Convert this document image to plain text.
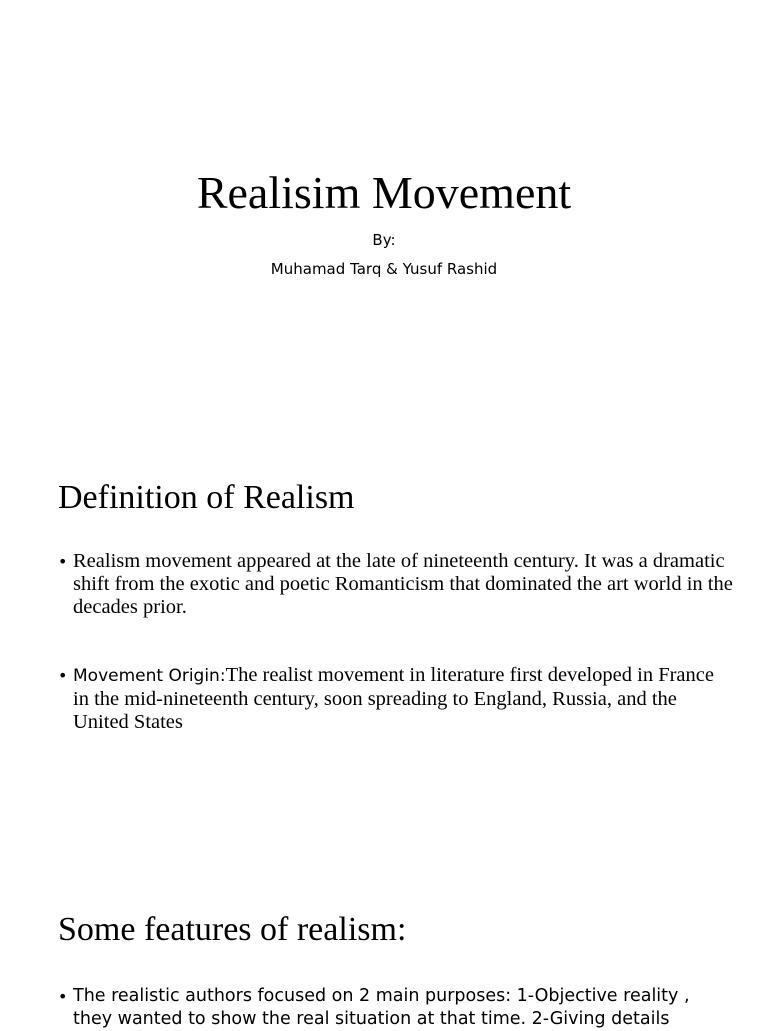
Realisim Movement

By:

Muhamad Tarq & Yusuf Rashid

Definition of Realism
• Realism movement appeared at the late of nineteenth century. It was a dramatic shift from the exotic and poetic Romanticism that dominated the art world in the decades prior.
• Movement Origin:The realist movement in literature first developed in France in the mid-nineteenth century, soon spreading to England, Russia, and the United States
Some features of realism:
• The realistic authors focused on 2 main purposes: 1-Objective reality , they wanted to show the real situation at that time. 2-Giving details
